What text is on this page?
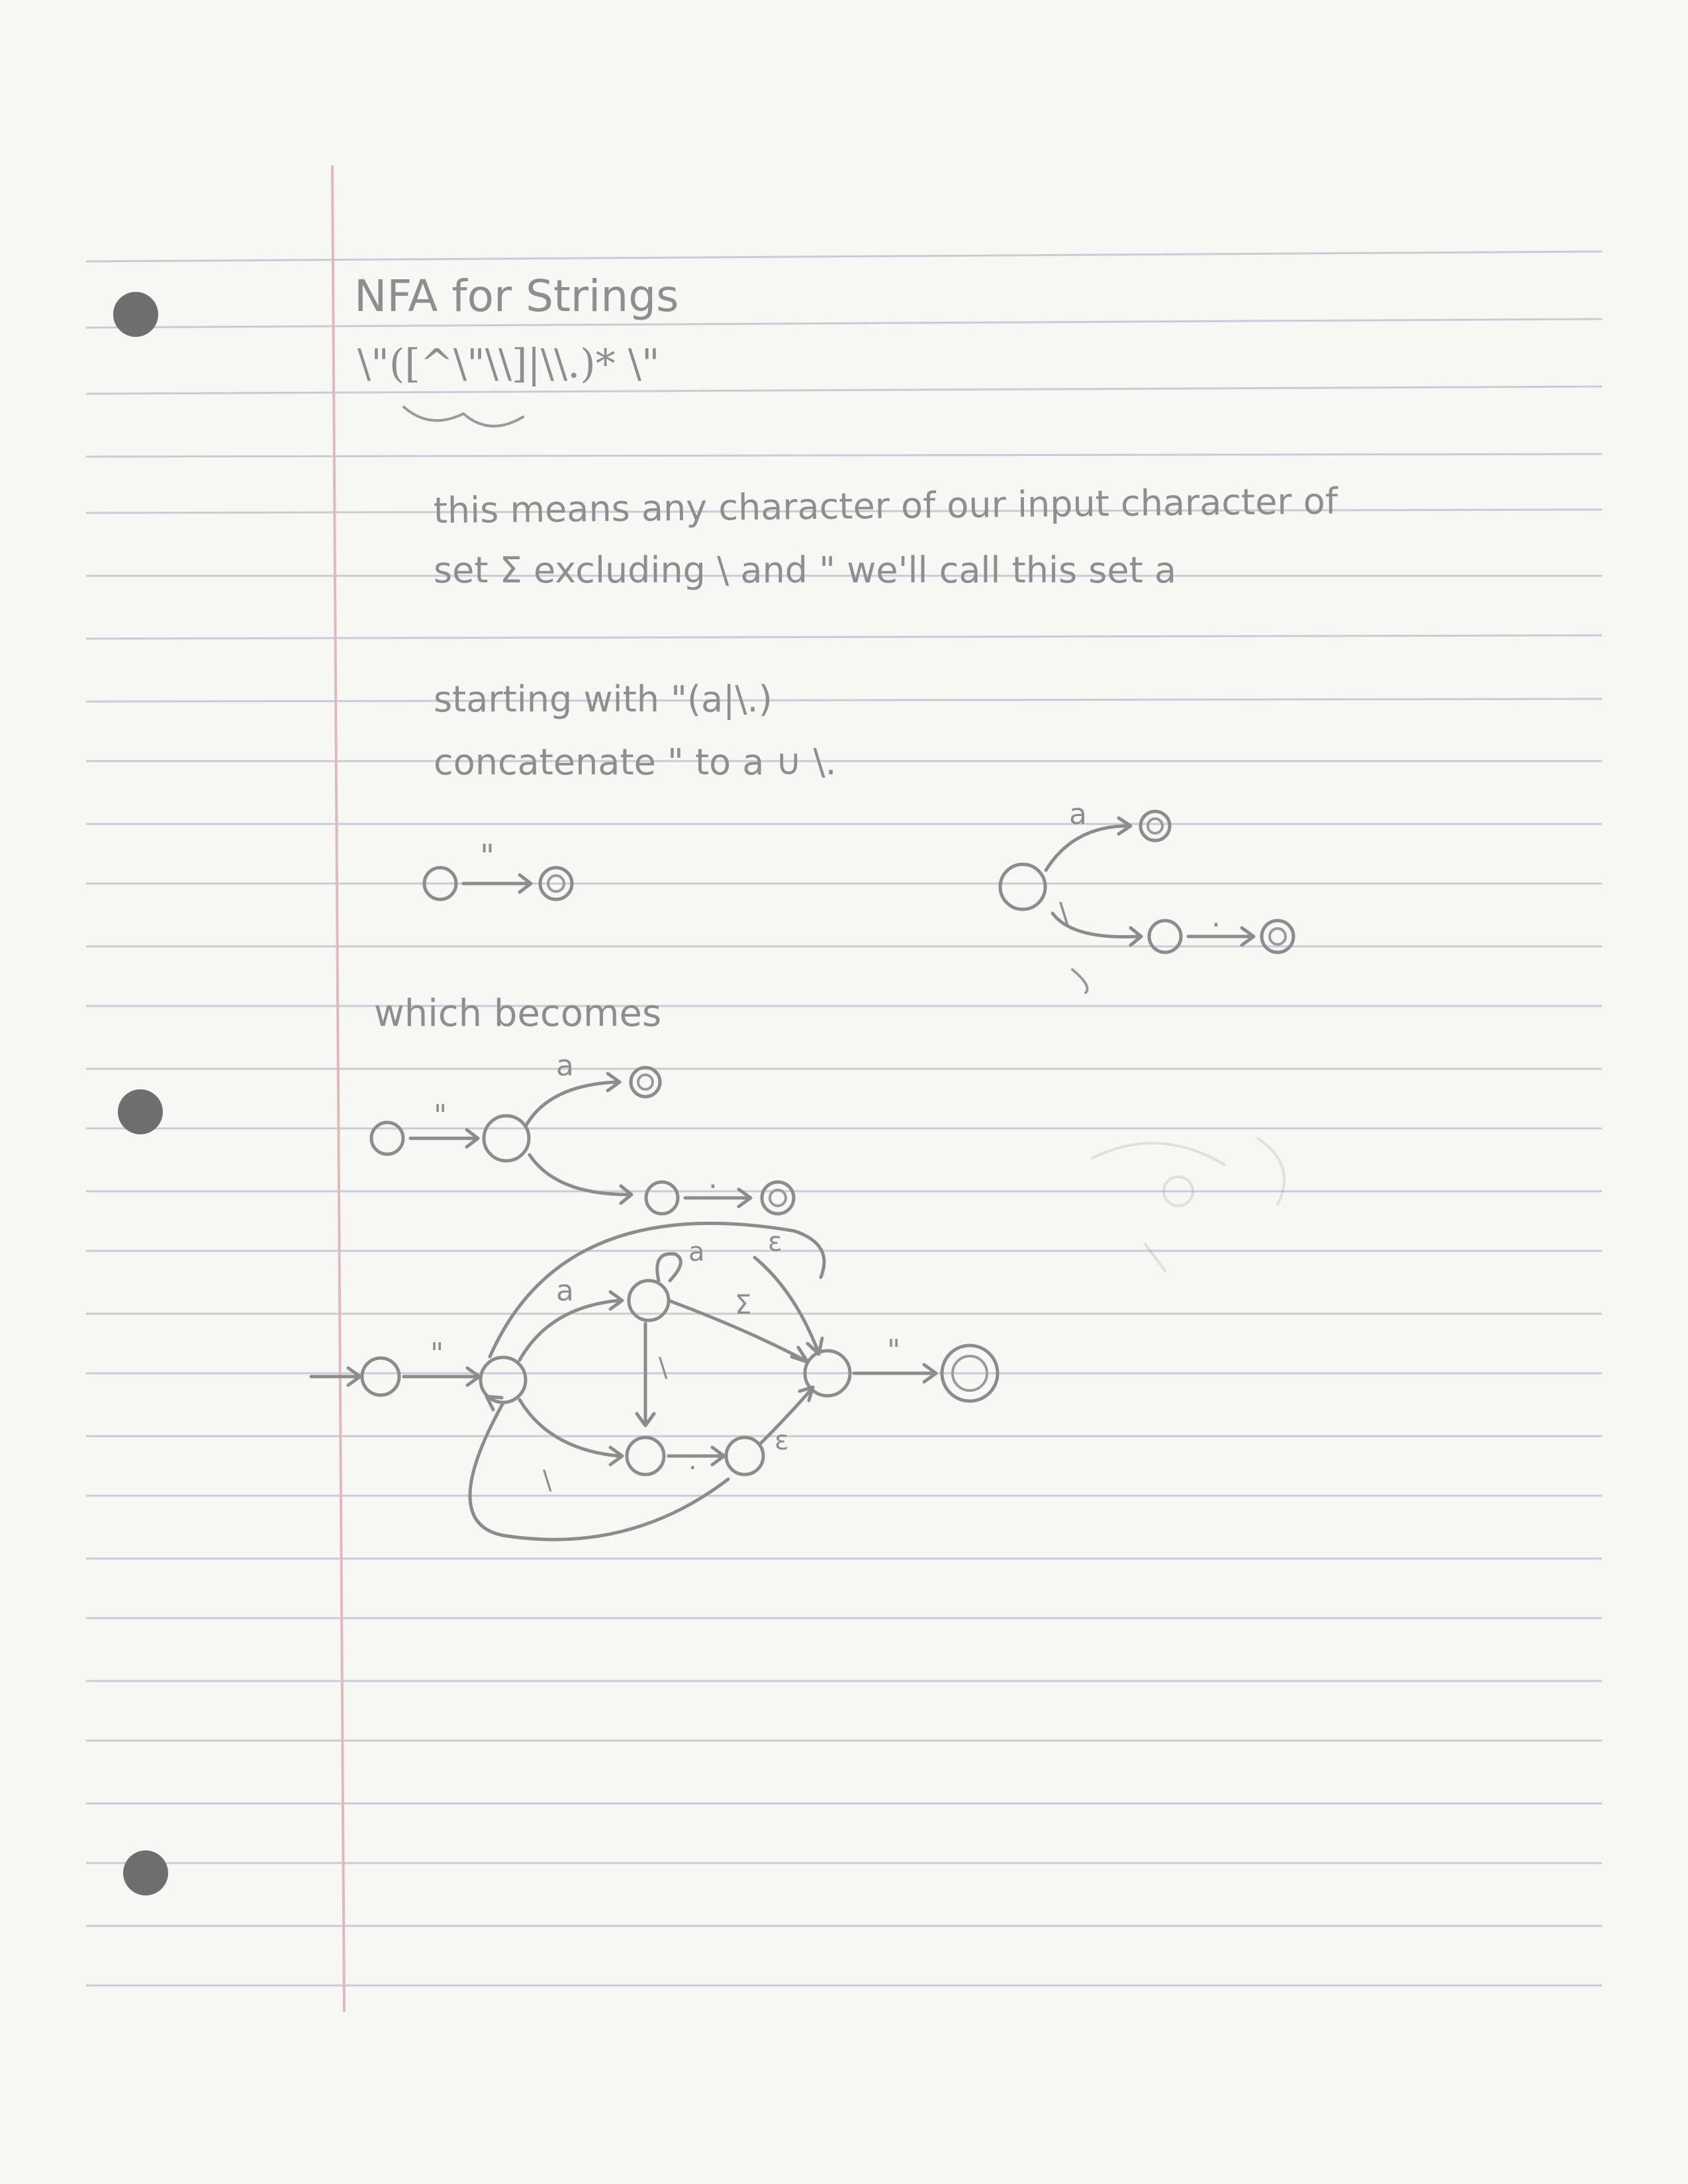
NFA for Strings
\"([^\"\\]|\\.)* \"
this means any character of our input character of
set Σ excluding \ and " we'll call this set a
starting with "(a|\.)
concatenate " to a ∪ \.
"
a
\	.
which becomes
"
a
.
"
a
a
\
\
.
ε
Σ
ε
"
